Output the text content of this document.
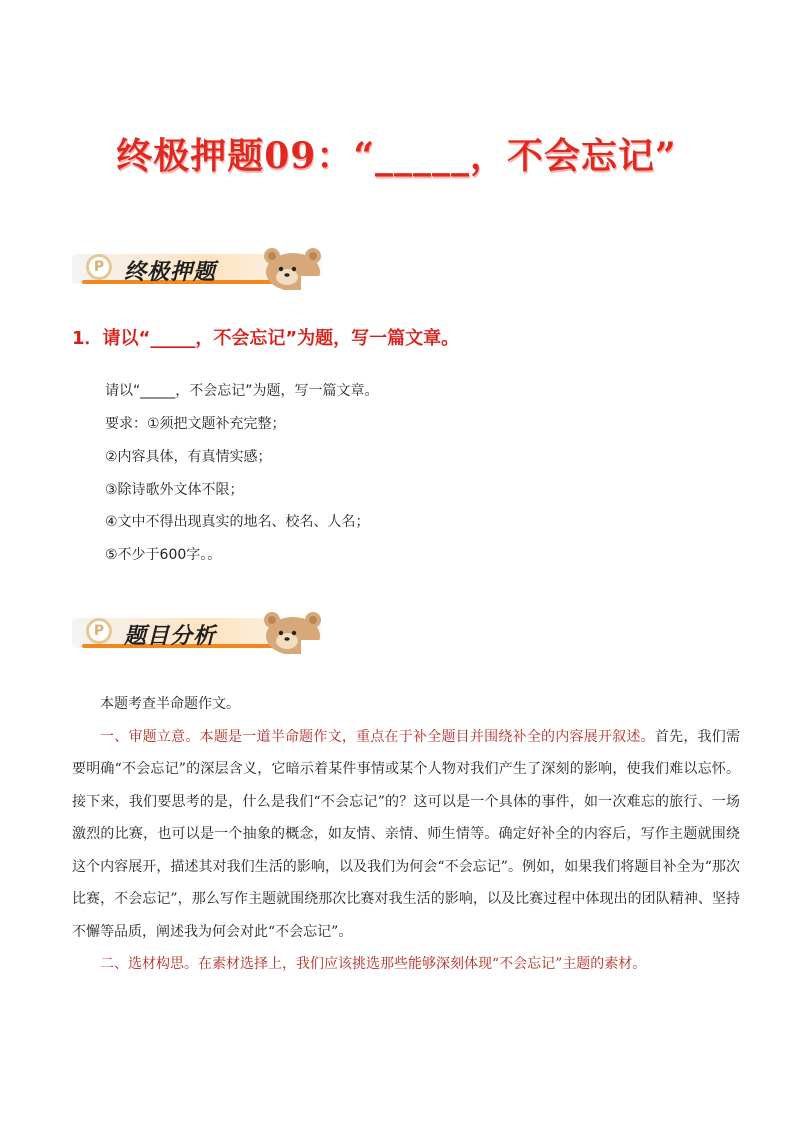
终极押题09：“_____，不会忘记”
P 终极押题
1．请以“_____，不会忘记”为题，写一篇文章。
请以“_____，不会忘记”为题，写一篇文章。
要求：①须把文题补充完整；
②内容具体，有真情实感；
③除诗歌外文体不限；
④文中不得出现真实的地名、校名、人名；
⑤不少于600字。。
P 题目分析

本题考查半命题作文。

一、审题立意。本题是一道半命题作文，重点在于补全题目并围绕补全的内容展开叙述。首先，我们需要明确“不会忘记”的深层含义，它暗示着某件事情或某个人物对我们产生了深刻的影响，使我们难以忘怀。接下来，我们要思考的是，什么是我们“不会忘记”的？这可以是一个具体的事件，如一次难忘的旅行、一场激烈的比赛，也可以是一个抽象的概念，如友情、亲情、师生情等。确定好补全的内容后，写作主题就围绕这个内容展开，描述其对我们生活的影响，以及我们为何会“不会忘记”。例如，如果我们将题目补全为“那次比赛，不会忘记”，那么写作主题就围绕那次比赛对我生活的影响，以及比赛过程中体现出的团队精神、坚持不懈等品质，阐述我为何会对此“不会忘记”。

二、选材构思。在素材选择上，我们应该挑选那些能够深刻体现“不会忘记”主题的素材。
